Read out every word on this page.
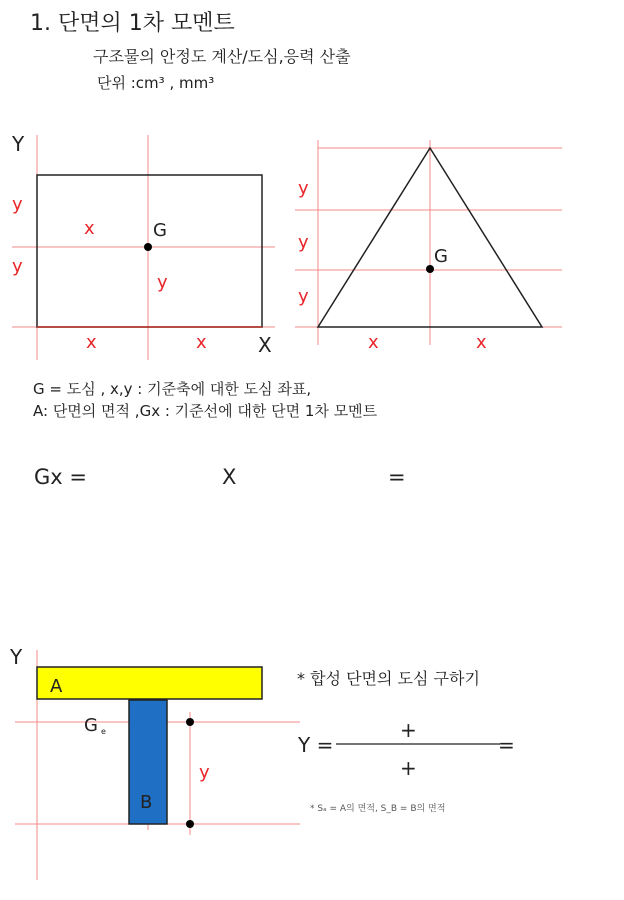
1. 단면의 1차 모멘트
구조물의 안정도 계산/도심,응력 산출
단위 :cm³ , mm³
G = 도심 , x,y : 기준축에 대한 도심 좌표,
A: 단면의 면적 ,Gx : 기준선에 대한 단면 1차 모멘트
Gx =	X	=
* 합성 단면의 도심 구하기
* Sₐ = A의 면적, S_B = B의 면적
Y
X
y
y
x
y
x	x
G
y
y
y
G
x	x
Y
A
B
G e
y
Y =
+
+
=
